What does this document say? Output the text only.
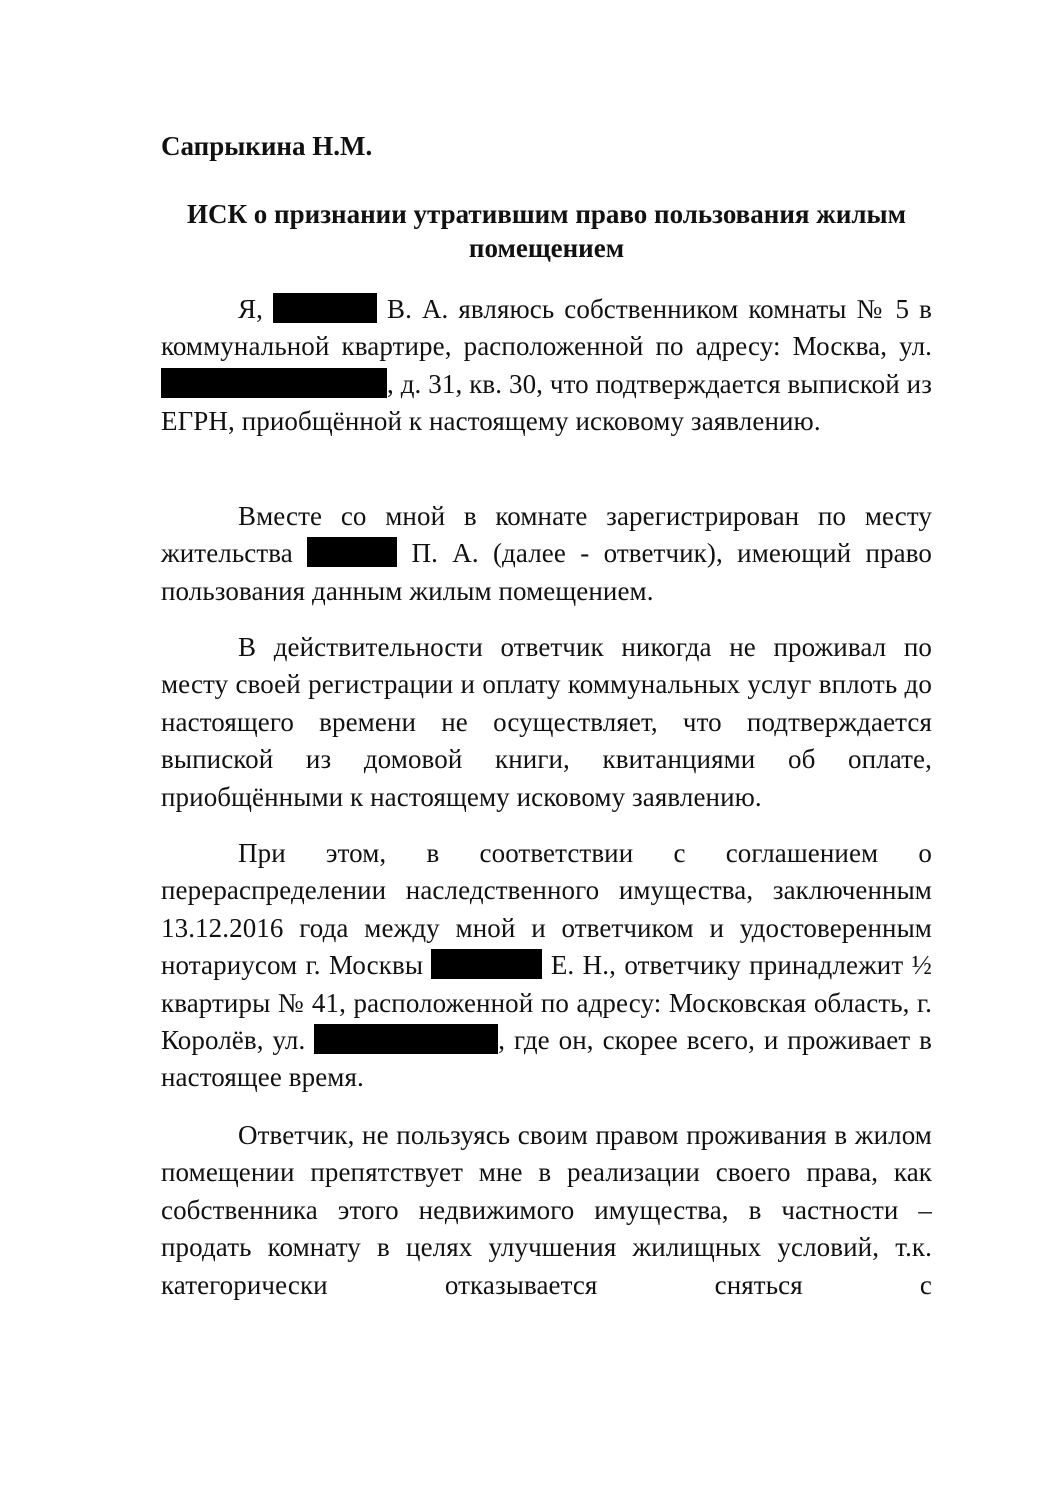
Сапрыкина Н.М.

ИСК о признании утратившим право пользования жилым помещением

Я,	В. А. являюсь собственником комнаты № 5 в коммунальной квартире, расположенной по адресу: Москва, ул. , д. 31, кв. 30, что подтверждается выпиской из ЕГРН, приобщённой к настоящему исковому заявлению.

Вместе со мной в комнате зарегистрирован по месту жительства	П. А. (далее - ответчик), имеющий право пользования данным жилым помещением.

В действительности ответчик никогда не проживал по месту своей регистрации и оплату коммунальных услуг вплоть до настоящего времени не осуществляет, что подтверждается выпиской из домовой книги, квитанциями об оплате, приобщёнными к настоящему исковому заявлению.

При этом, в соответствии с соглашением о перераспределении наследственного имущества, заключенным 13.12.2016 года между мной и ответчиком и удостоверенным нотариусом г. Москвы	Е. Н., ответчику принадлежит ½ квартиры № 41, расположенной по адресу: Московская область, г. Королёв, ул.	, где он, скорее всего, и проживает в настоящее время.

Ответчик, не пользуясь своим правом проживания в жилом помещении препятствует мне в реализации своего права, как собственника этого недвижимого имущества, в частности – продать комнату в целях улучшения жилищных условий, т.к. категорически отказывается сняться с
